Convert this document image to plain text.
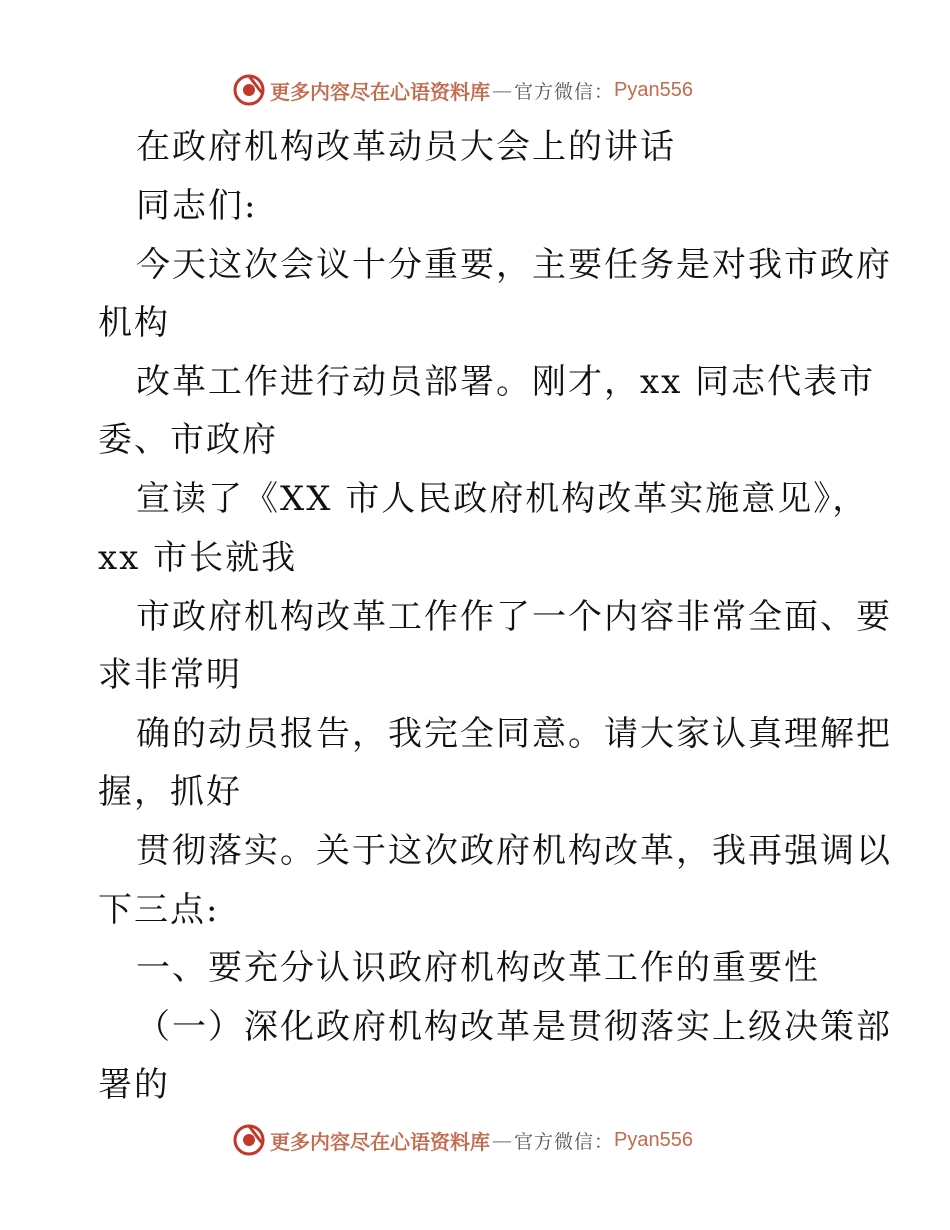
更多内容尽在心语资料库 — 官方微信： Pyan556
在政府机构改革动员大会上的讲话
同志们:
今天这次会议十分重要，主要任务是对我市政府
机构
改革工作进行动员部署。刚才，xx 同志代表市
委、市政府
宣读了《XX 市人民政府机构改革实施意见》，
xx 市长就我
市政府机构改革工作作了一个内容非常全面、要
求非常明
确的动员报告，我完全同意。请大家认真理解把
握，抓好
贯彻落实。关于这次政府机构改革，我再强调以
下三点:
一、要充分认识政府机构改革工作的重要性
（一）深化政府机构改革是贯彻落实上级决策部
署的
更多内容尽在心语资料库 — 官方微信： Pyan556
